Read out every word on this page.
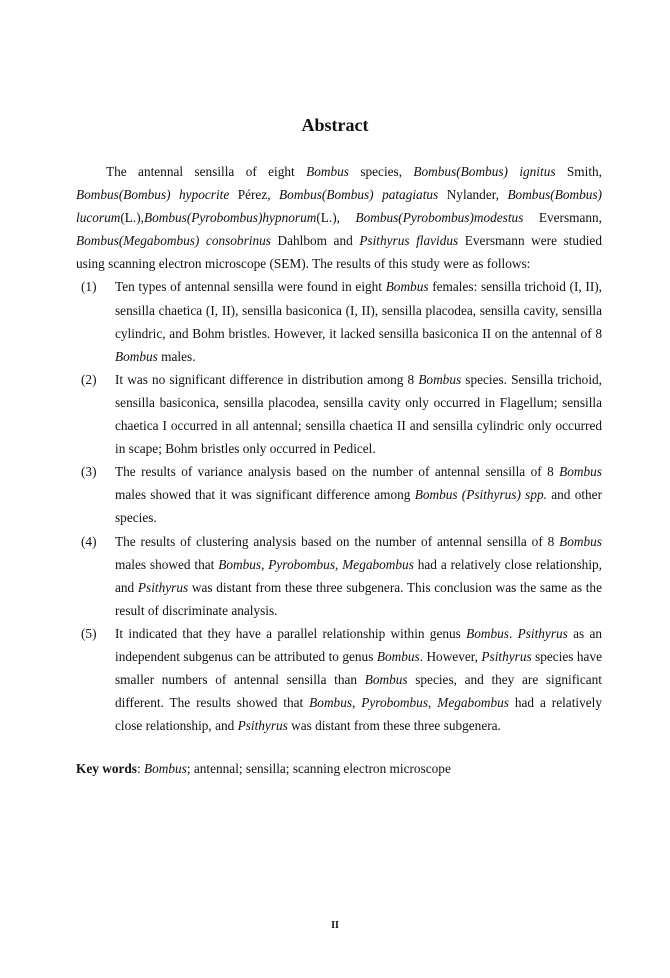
Abstract

The antennal sensilla of eight Bombus species, Bombus(Bombus) ignitus Smith, Bombus(Bombus) hypocrite Pérez, Bombus(Bombus) patagiatus Nylander, Bombus(Bombus) lucorum(L.),Bombus(Pyrobombus)hypnorum(L.), Bombus(Pyrobombus)modestus Eversmann, Bombus(Megabombus) consobrinus Dahlbom and Psithyrus flavidus Eversmann were studied using scanning electron microscope (SEM). The results of this study were as follows:

(1) Ten types of antennal sensilla were found in eight Bombus females: sensilla trichoid (I, II), sensilla chaetica (I, II), sensilla basiconica (I, II), sensilla placodea, sensilla cavity, sensilla cylindric, and Bohm bristles. However, it lacked sensilla basiconica II on the antennal of 8 Bombus males.
(2) It was no significant difference in distribution among 8 Bombus species. Sensilla trichoid, sensilla basiconica, sensilla placodea, sensilla cavity only occurred in Flagellum; sensilla chaetica I occurred in all antennal; sensilla chaetica II and sensilla cylindric only occurred in scape; Bohm bristles only occurred in Pedicel.
(3) The results of variance analysis based on the number of antennal sensilla of 8 Bombus males showed that it was significant difference among Bombus (Psithyrus) spp. and other species.
(4) The results of clustering analysis based on the number of antennal sensilla of 8 Bombus males showed that Bombus, Pyrobombus, Megabombus had a relatively close relationship, and Psithyrus was distant from these three subgenera. This conclusion was the same as the result of discriminate analysis.
(5) It indicated that they have a parallel relationship within genus Bombus. Psithyrus as an independent subgenus can be attributed to genus Bombus. However, Psithyrus species have smaller numbers of antennal sensilla than Bombus species, and they are significant different. The results showed that Bombus, Pyrobombus, Megabombus had a relatively close relationship, and Psithyrus was distant from these three subgenera.
Key words: Bombus; antennal; sensilla; scanning electron microscope
II
